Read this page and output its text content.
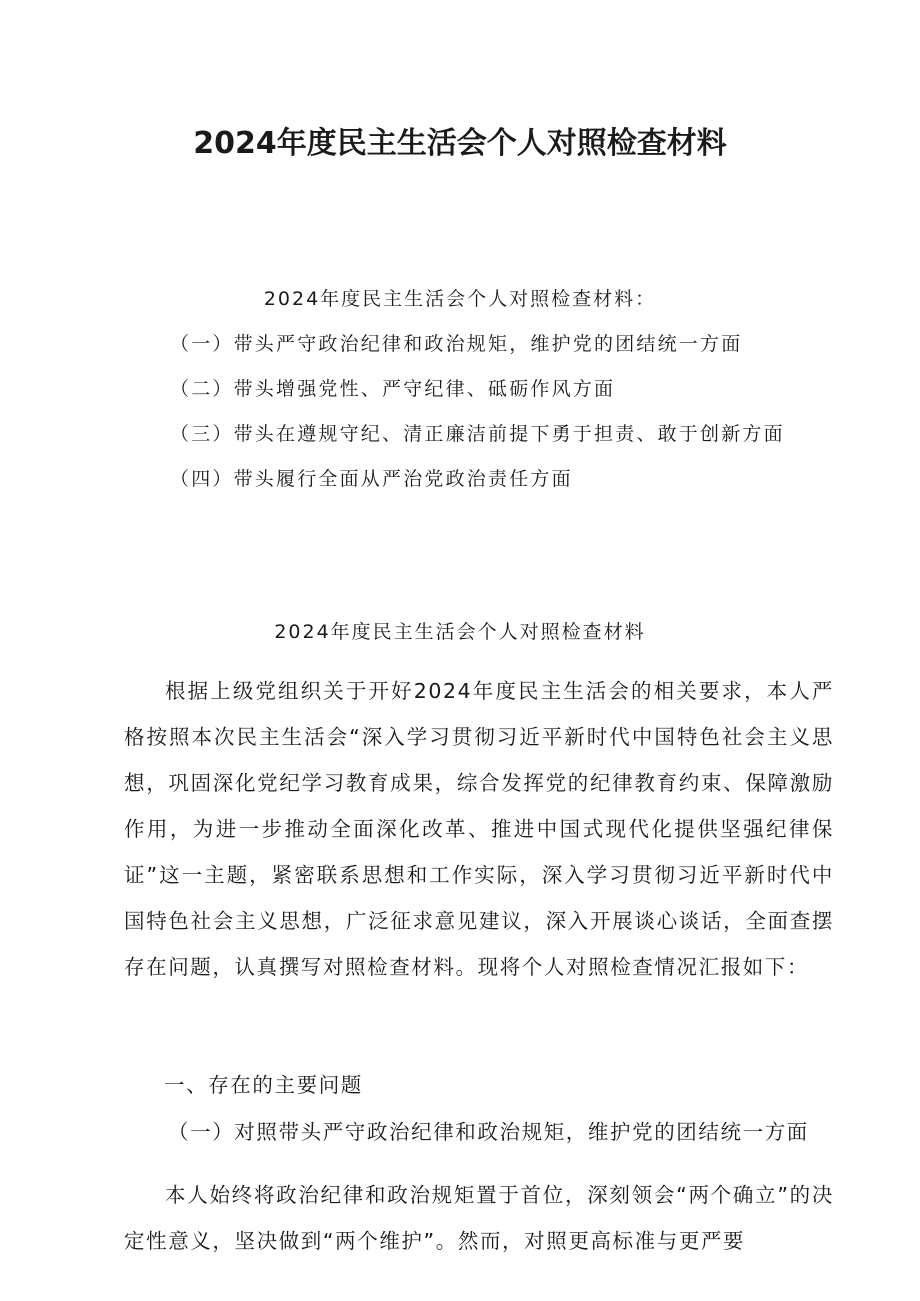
2024年度民主生活会个人对照检查材料
2024年度民主生活会个人对照检查材料：
（一）带头严守政治纪律和政治规矩，维护党的团结统一方面
（二）带头增强党性、严守纪律、砥砺作风方面
（三）带头在遵规守纪、清正廉洁前提下勇于担责、敢于创新方面
（四）带头履行全面从严治党政治责任方面
2024年度民主生活会个人对照检查材料

根据上级党组织关于开好2024年度民主生活会的相关要求，本人严格按照本次民主生活会“深入学习贯彻习近平新时代中国特色社会主义思想，巩固深化党纪学习教育成果，综合发挥党的纪律教育约束、保障激励作用，为进一步推动全面深化改革、推进中国式现代化提供坚强纪律保证”这一主题，紧密联系思想和工作实际，深入学习贯彻习近平新时代中国特色社会主义思想，广泛征求意见建议，深入开展谈心谈话，全面查摆存在问题，认真撰写对照检查材料。现将个人对照检查情况汇报如下：

一、存在的主要问题
（一）对照带头严守政治纪律和政治规矩，维护党的团结统一方面

本人始终将政治纪律和政治规矩置于首位，深刻领会“两个确立”的决定性意义，坚决做到“两个维护”。然而，对照更高标准与更严要
